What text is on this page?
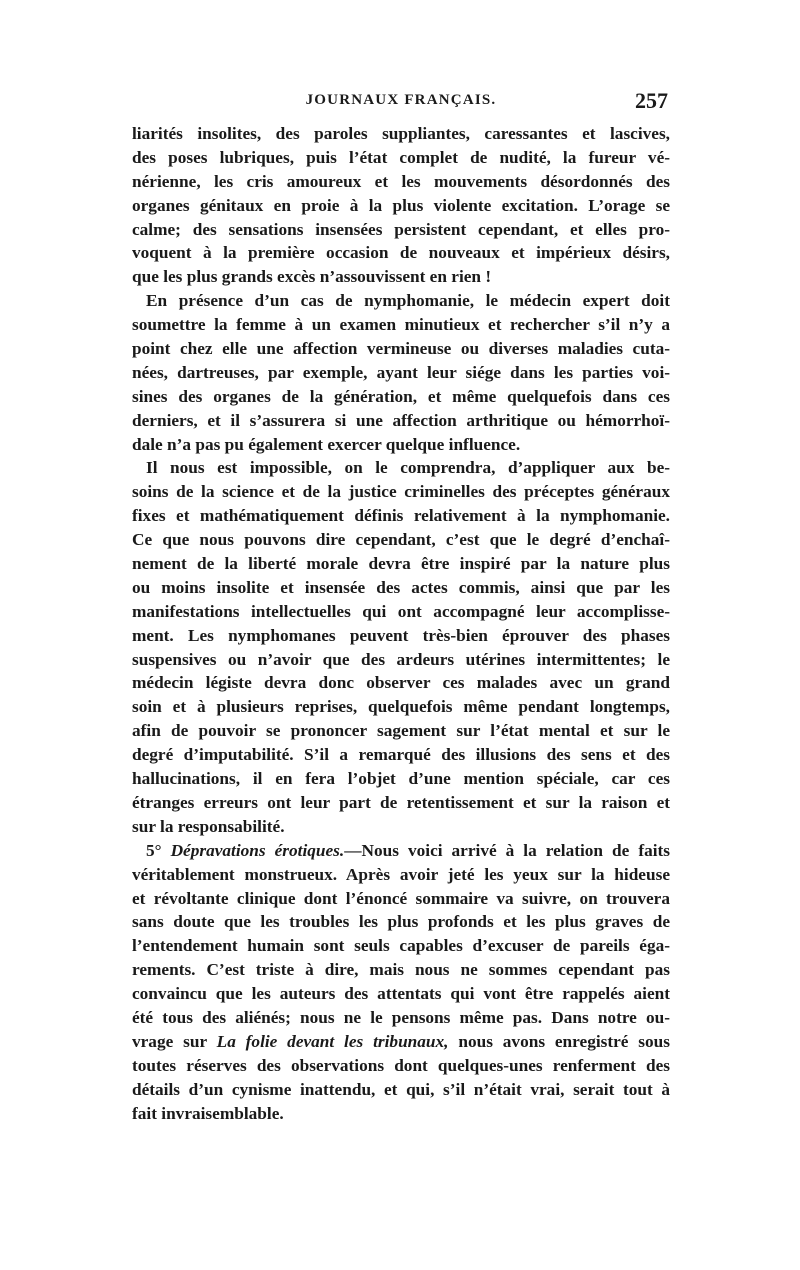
JOURNAUX FRANÇAIS.	257
liarités insolites, des paroles suppliantes, caressantes et lascives,
des poses lubriques, puis l’état complet de nudité, la fureur vé-
nérienne, les cris amoureux et les mouvements désordonnés des
organes génitaux en proie à la plus violente excitation. L’orage se
calme; des sensations insensées persistent cependant, et elles pro-
voquent à la première occasion de nouveaux et impérieux désirs,
que les plus grands excès n’assouvissent en rien !
En présence d’un cas de nymphomanie, le médecin expert doit
soumettre la femme à un examen minutieux et rechercher s’il n’y a
point chez elle une affection vermineuse ou diverses maladies cuta-
nées, dartreuses, par exemple, ayant leur siége dans les parties voi-
sines des organes de la génération, et même quelquefois dans ces
derniers, et il s’assurera si une affection arthritique ou hémorrhoï-
dale n’a pas pu également exercer quelque influence.
Il nous est impossible, on le comprendra, d’appliquer aux be-
soins de la science et de la justice criminelles des préceptes généraux
fixes et mathématiquement définis relativement à la nymphomanie.
Ce que nous pouvons dire cependant, c’est que le degré d’enchaî-
nement de la liberté morale devra être inspiré par la nature plus
ou moins insolite et insensée des actes commis, ainsi que par les
manifestations intellectuelles qui ont accompagné leur accomplisse-
ment. Les nymphomanes peuvent très-bien éprouver des phases
suspensives ou n’avoir que des ardeurs utérines intermittentes; le
médecin légiste devra donc observer ces malades avec un grand
soin et à plusieurs reprises, quelquefois même pendant longtemps,
afin de pouvoir se prononcer sagement sur l’état mental et sur le
degré d’imputabilité. S’il a remarqué des illusions des sens et des
hallucinations, il en fera l’objet d’une mention spéciale, car ces
étranges erreurs ont leur part de retentissement et sur la raison et
sur la responsabilité.
5° Dépravations érotiques.—Nous voici arrivé à la relation de faits
véritablement monstrueux. Après avoir jeté les yeux sur la hideuse
et révoltante clinique dont l’énoncé sommaire va suivre, on trouvera
sans doute que les troubles les plus profonds et les plus graves de
l’entendement humain sont seuls capables d’excuser de pareils éga-
rements. C’est triste à dire, mais nous ne sommes cependant pas
convaincu que les auteurs des attentats qui vont être rappelés aient
été tous des aliénés; nous ne le pensons même pas. Dans notre ou-
vrage sur La folie devant les tribunaux, nous avons enregistré sous
toutes réserves des observations dont quelques-unes renferment des
détails d’un cynisme inattendu, et qui, s’il n’était vrai, serait tout à
fait invraisemblable.
